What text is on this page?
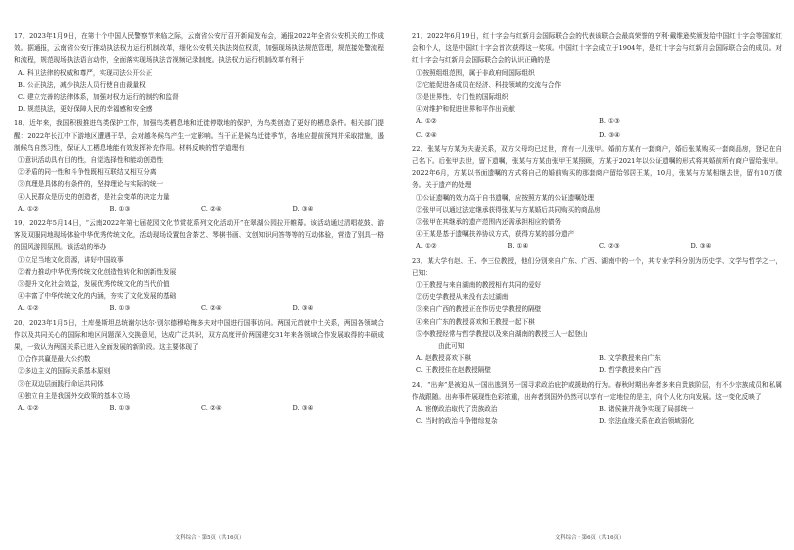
17．2023年1月9日，在第十个中国人民警察节来临之际，云南省公安厅召开新闻发布会，通报2022年全省公安机关的工作成效。据通报，云南省公安厅推动执法权力运行机制改革，细化公安机关执法岗位权责，加强现场执法规范管理，规范接处警流程和流程，规范现场执法语言动作，全面落实现场执法音视频记录制度。执法权力运行机制改革有利于

A. 科卫法律的权威和尊严，实现司法公开公正

B. 公正执法，减少执法人员行使自由裁量权

C. 建立完善的法律体系，加强对权力运行的制约和监督

D. 规范执法，更好保障人民的幸福感和安全感

18．近年来，我国积极推进鸟类保护工作，加强鸟类栖息地和迁徙停歇地的保护，为鸟类创造了更好的栖息条件。相关部门提醒：2022年长江中下游地区遭遇干旱，会对越冬候鸟产生一定影响。当干正是候鸟迁徙季节，各地应提前预判并采取措施，遏制候鸟自然习性，保证人工栖息地能有效发挥补充作用。材料反映的哲学道理有

①意识活动具有目的性，自觉选择性和能动创造性

②矛盾的同一性和斗争性既相互联结又相互分离

③真理是具体的有条件的，坚持理论与实际的统一

④人民群众是历史的创造者，是社会变革的决定力量

A. ①②	B. ①③	C. ②④	D. ③④

19．2022年5月14日，“云南2022年第七届花园文化节赏花系列文化活动开”在翠湖公园拉开帷幕。该活动通过清唱花鼓、游客及双服同地现场体验中华优秀传统文化，活动现场设置包含茶艺、琴棋书画、文创知识问答等等的互动体验，营造了别具一格的国风游园氛围。该活动的举办

①立足当地文化资源，讲好中国故事

②着力推动中华优秀传统文化创造性转化和创新性发展

③提升文化社会效益，发展优秀传统文化的当代价值

④丰富了中华传统文化的内涵，夯实了文化发展的基础

A. ①②	B. ①③	C. ②④	D. ③④

20．2023年1月5日，土库曼斯坦总统谢尔达尔·别尔德穆哈梅多夫对中国进行国事访问。两国元首就中土关系，两国各领域合作以及共同关心的国际和地区问题深入交换意见，达成广泛共识，双方高度评价两国建交31年来各领域合作发展取得的丰硕成果，一致认为两国关系已进入全面发展的新阶段。这主要体现了

①合作共赢是最大公约数

②多边主义的国际关系基本原则

③在双边层面践行命运共同体

④独立自主是我国外交政策的基本立场

A. ①②	B. ①③	C. ②④	D. ③④

21．2022年6月19日，红十字会与红新月会国际联合会的代表该联合会最高荣誉的亨利·戴维逊奖颁发给中国红十字会等国家红会和个人，这是中国红十字会首次获得这一奖项。中国红十字会成立于1904年，是红十字会与红新月会国际联合会的成员。对红十字会与红新月会国际联合会的认识正确的是

①按照组组范围，属于非政府间国际组织

②它能促进各成员在经济、科技领域的交流与合作

③是世界性、专门性的国际组织

④对维护和促进世界和平作出贡献

A. ①②	B. ①③
C. ②④	D. ③④

22．张某与方某为夫妻关系，双方父母均已过世，育有一儿张甲。婚前方某有一套商户，婚后张某购买一套商品房，登记在自己名下。后张甲去世，留下遗嘱，张某与方某由张甲王某照顾，方某于2021年以公证遗嘱的形式将其婚前所有商户留给张甲。2022年6月，方某以书面遗嘱的方式将自己的婚前购买的那套商户留给邻居王某，10月，张某与方某相继去世，留有10万债务。关于遗产的处理

①公证遗嘱的效力高于自书遗嘱，应按照方某的公证遗嘱处理

②张甲可以通过法定继承获得张某与方某婚后共同购买的商品房

③张甲在其继承的遗产范围内还需承担相应的债务

④王某是基于遗嘱扶养协议方式，获得方某的部分遗产

A. ①②	B. ①④	C. ②③	D. ③④

23．某大学有赵、王、李三位教授，他们分别来自广东、广西、湖南中的一个，其专业学科分别为历史学、文学与哲学之一，已知：

①王教授与来自湖南的教授相有共同的爱好

②历史学教授从来没有去过湖南

③来自广西的教授正在作历史学教授的隔壁

④来自广东的教授喜欢和王教授一起下棋

⑤李教授经常与哲学教授以及来自湖南的教授三人一起登山

由此可知

A. 赵教授喜欢下棋	B. 文学教授来自广东
C. 王教授住在赵教授隔壁	D. 哲学教授来自广西

24．“出奔”是被迫从一国出逃到另一国寻求政治庇护或援助的行为。春秋时期出奔者多来自贵族阶层，有不少宗族成员和私属作战跟随。出奔事件展现性色彩浓重，出奔者到国外仍然可以享有一定地位的是主，向个人化方向发展。这一变化反映了

A. 宦僚政治取代了贵族政治	B. 诸侯兼并战争实现了局部统一
C. 当时的政治斗争错综复杂	D. 宗法血缘关系在政治领域弱化
文科综合 · 第5页（共16页）	文科综合 · 第6页（共16页）
